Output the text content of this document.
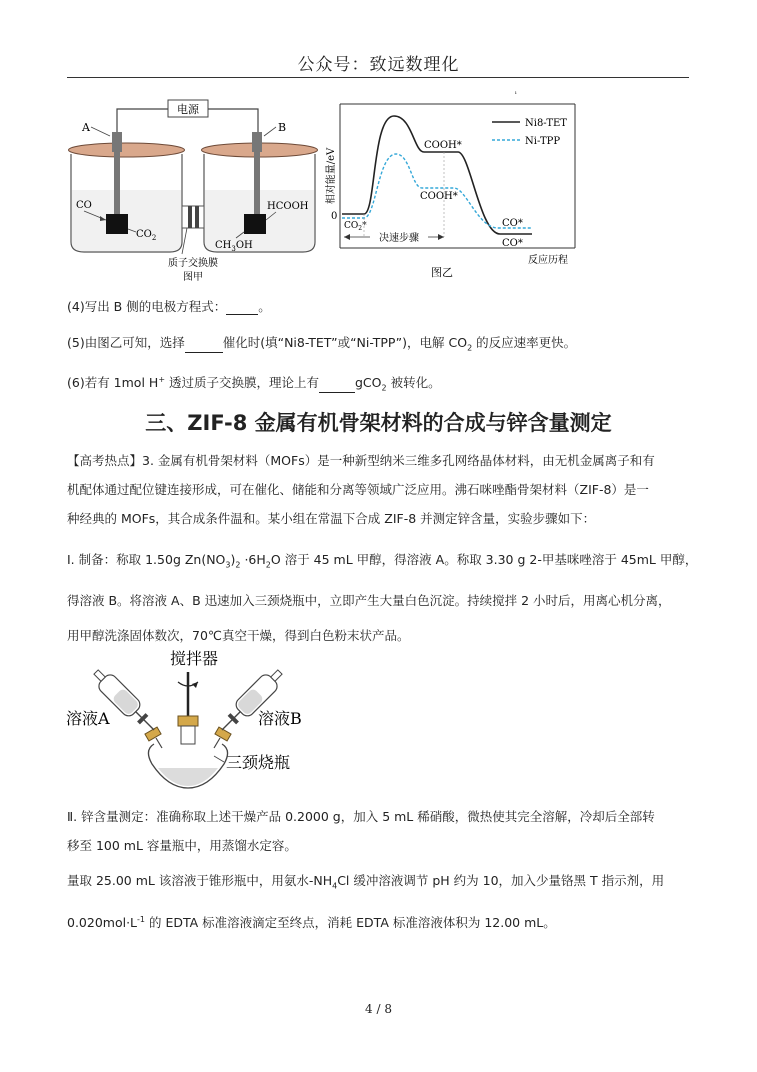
公众号：致远数理化
电源
A	B
CO
$CO_2$
HCOOH
$CH_3OH$
质子交换膜
图甲
ı
相对能量/eV
0
Ni8-TET
Ni-TPP
$CO_2*$
COOH*
COOH*
CO*
CO*
决速步骤
图乙
反应历程
(4)写出 B 侧的电极方程式：	。
(5)由图乙可知，选择	催化时(填“Ni8-TET”或“Ni-TPP”)，电解 $CO_2$ 的反应速率更快。
(6)若有 1mol H+ 透过质子交换膜，理论上有	gCO$_2$ 被转化。
三、ZIF-8 金属有机骨架材料的合成与锌含量测定
【高考热点】3. 金属有机骨架材料（MOFs）是一种新型纳米三维多孔网络晶体材料，由无机金属离子和有
机配体通过配位键连接形成，可在催化、储能和分离等领域广泛应用。沸石咪唑酯骨架材料（ZIF-8）是一
种经典的 MOFs，其合成条件温和。某小组在常温下合成 ZIF-8 并测定锌含量，实验步骤如下：
Ⅰ. 制备：称取 1.50g $Zn(NO_3)_2 \cdot 6H_2O$ 溶于 45 mL 甲醇，得溶液 A。称取 3.30 g 2-甲基咪唑溶于 45mL 甲醇，
得溶液 B。将溶液 A、B 迅速加入三颈烧瓶中，立即产生大量白色沉淀。持续搅拌 2 小时后，用离心机分离，
用甲醇洗涤固体数次，70℃真空干燥，得到白色粉末状产品。
搅拌器
溶液A	溶液B
三颈烧瓶
Ⅱ. 锌含量测定：准确称取上述干燥产品 0.2000 g，加入 5 mL 稀硝酸，微热使其完全溶解，冷却后全部转
移至 100 mL 容量瓶中，用蒸馏水定容。
量取 25.00 mL 该溶液于锥形瓶中，用氨水$-NH_4Cl$ 缓冲溶液调节 pH 约为 10，加入少量铬黑 T 指示剂，用
$0.020mol\cdot L^{-1}$ 的 EDTA 标准溶液滴定至终点，消耗 EDTA 标准溶液体积为 12.00 mL。
4 / 8
